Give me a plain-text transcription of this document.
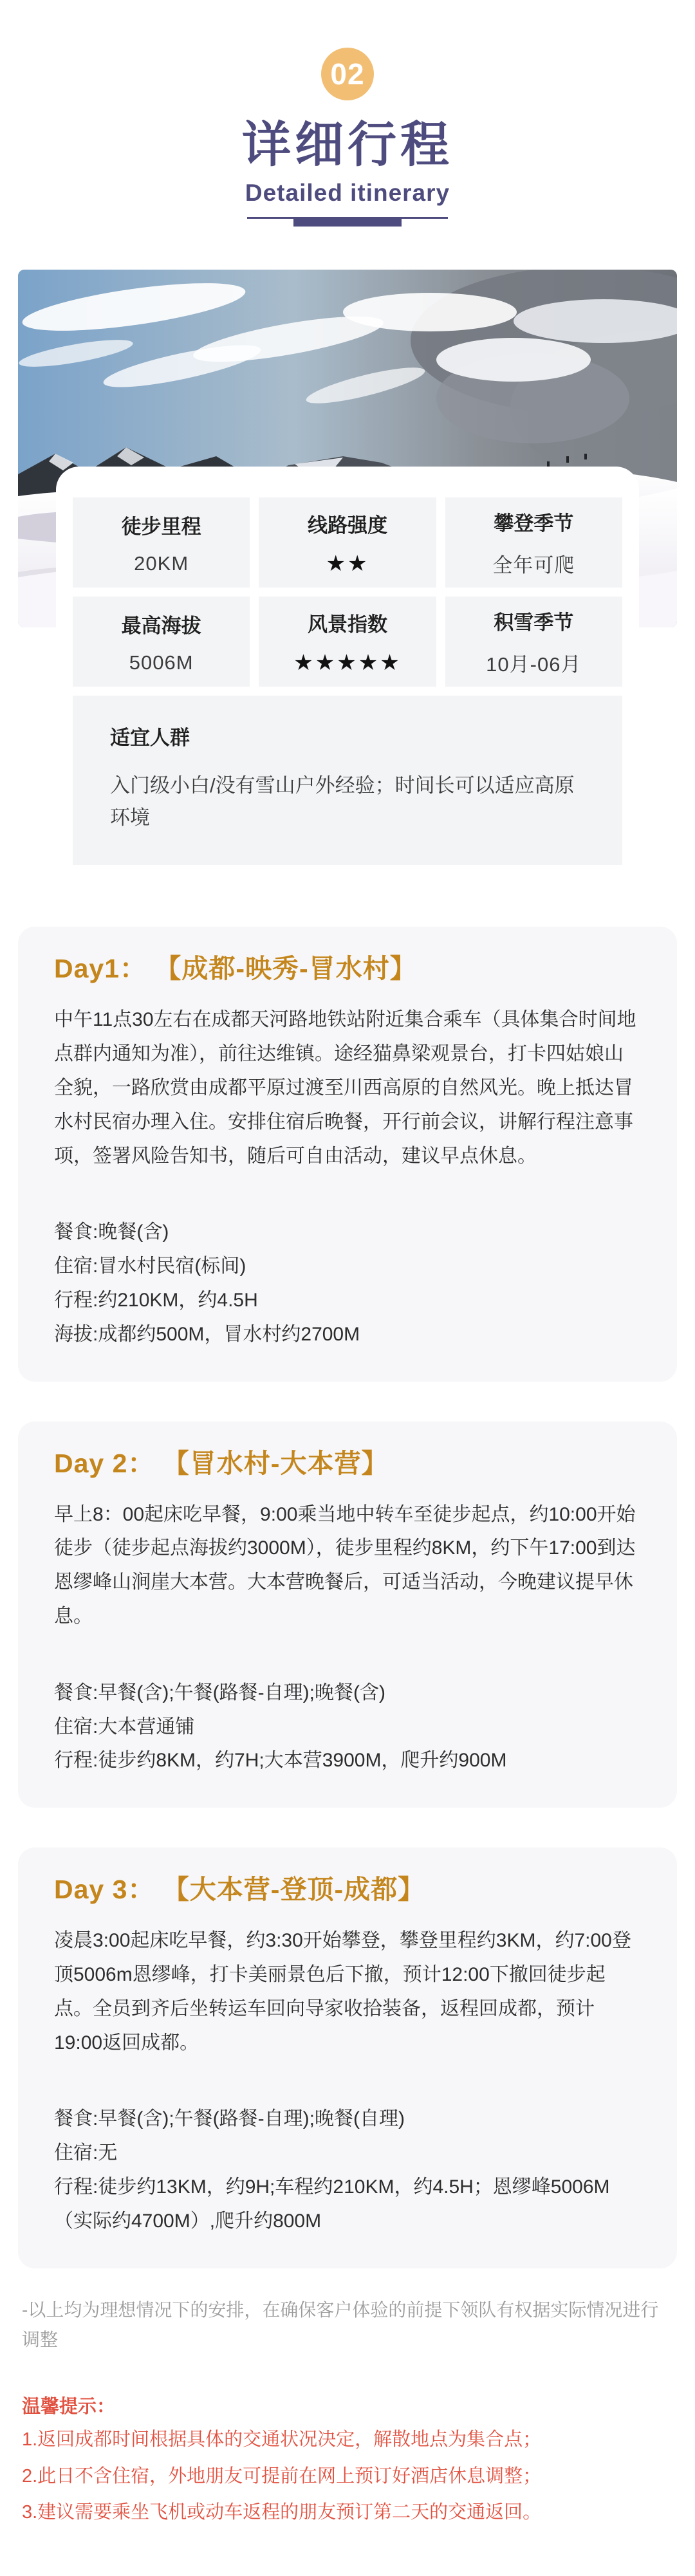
02
详细行程
Detailed itinerary
徒步里程
20KM
线路强度
★★
攀登季节
全年可爬
最高海拔
5006M
风景指数
★★★★★
积雪季节
10月-06月
适宜人群
入门级小白/没有雪山户外经验；时间长可以适应高原环境
Day1： 【成都-映秀-冒水村】

中午11点30左右在成都天河路地铁站附近集合乘车（具体集合时间地点群内通知为准），前往达维镇。途经猫鼻梁观景台，打卡四姑娘山全貌，一路欣赏由成都平原过渡至川西高原的自然风光。晚上抵达冒水村民宿办理入住。安排住宿后晚餐，开行前会议，讲解行程注意事项，签署风险告知书，随后可自由活动，建议早点休息。

餐食:晚餐(含)
住宿:冒水村民宿(标间)
行程:约210KM，约4.5H
海拔:成都约500M，冒水村约2700M
Day 2： 【冒水村-大本营】

早上8：00起床吃早餐，9:00乘当地中转车至徒步起点，约10:00开始徒步（徒步起点海拔约3000M），徒步里程约8KM，约下午17:00到达恩缪峰山涧崖大本营。大本营晚餐后，可适当活动，今晚建议提早休息。

餐食:早餐(含);午餐(路餐-自理);晚餐(含)
住宿:大本营通铺
行程:徒步约8KM，约7H;大本营3900M，爬升约900M
Day 3： 【大本营-登顶-成都】

凌晨3:00起床吃早餐，约3:30开始攀登，攀登里程约3KM，约7:00登顶5006m恩缪峰，打卡美丽景色后下撤，预计12:00下撤回徒步起点。全员到齐后坐转运车回向导家收拾装备，返程回成都，预计19:00返回成都。

餐食:早餐(含);午餐(路餐-自理);晚餐(自理)
住宿:无
行程:徒步约13KM，约9H;车程约210KM，约4.5H；恩缪峰5006M（实际约4700M）,爬升约800M
-以上均为理想情况下的安排，在确保客户体验的前提下领队有权据实际情况进行调整
温馨提示：
1.返回成都时间根据具体的交通状况决定，解散地点为集合点；
2.此日不含住宿，外地朋友可提前在网上预订好酒店休息调整；
3.建议需要乘坐飞机或动车返程的朋友预订第二天的交通返回。
